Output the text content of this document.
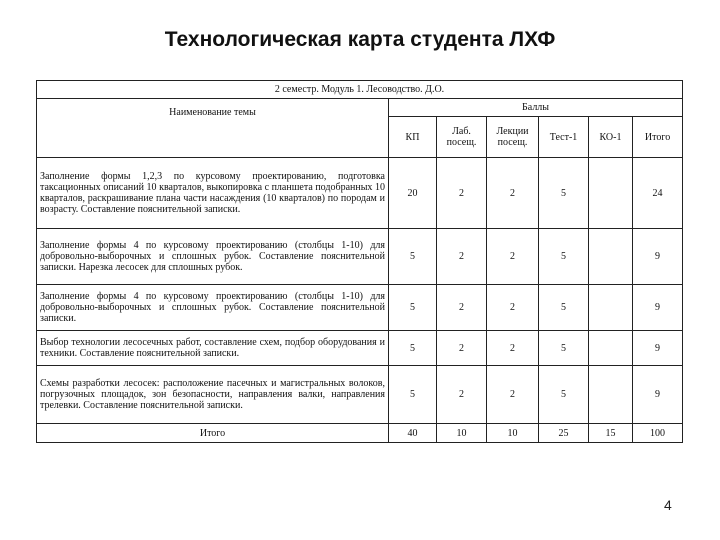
Технологическая карта студента ЛХФ
2 семестр. Модуль 1. Лесоводство. Д.О.						
Наименование темы	Баллы					
	КП	Лаб. посещ.	Лекции посещ.	Тест-1	КО-1	Итого
Заполнение формы 1,2,3 по курсовому проектированию, подготовка таксационных описаний 10 кварталов, выкопировка с планшета подобранных 10 кварталов, раскрашивание плана части насаждения (10 кварталов) по породам и возрасту. Составление пояснительной записки.	20	2	2	5		24
Заполнение формы 4 по курсовому проектированию (столбцы 1-10) для добровольно-выборочных и сплошных рубок. Составление пояснительной записки. Нарезка лесосек для сплошных рубок.	5	2	2	5		9
Заполнение формы 4 по курсовому проектированию (столбцы 1-10) для добровольно-выборочных и сплошных рубок. Составление пояснительной записки.	5	2	2	5		9
Выбор технологии лесосечных работ, составление схем, подбор оборудования и техники. Составление пояснительной записки.	5	2	2	5		9
Схемы разработки лесосек: расположение пасечных и магистральных волоков, погрузочных площадок, зон безопасности, направления валки, направления трелевки. Составление пояснительной записки.	5	2	2	5		9
Итого	40	10	10	25	15	100
4
